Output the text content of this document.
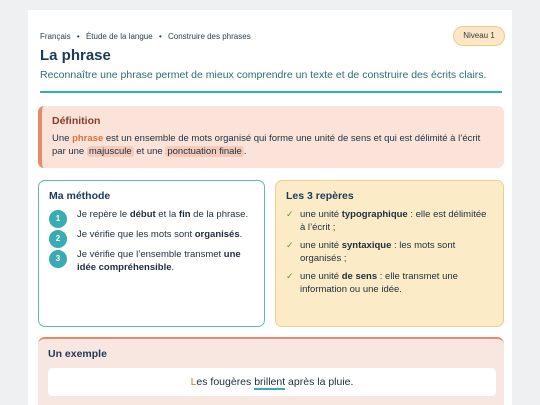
Français • Étude de la langue • Construire des phrases	Niveau 1
La phrase

Reconnaître une phrase permet de mieux comprendre un texte et de construire des écrits clairs.

Définition
Une phrase est un ensemble de mots organisé qui forme une unité de sens et qui est délimité à l’écrit par une majuscule et une ponctuation finale .
Ma méthode
1	Je repère le début et la fin de la phrase.
2	Je vérifie que les mots sont organisés.
3	Je vérifie que l’ensemble transmet une idée compréhensible.
Les 3 repères
✓ une unité typographique : elle est délimitée à l’écrit ;
✓ une unité syntaxique : les mots sont organisés ;
✓ une unité de sens : elle transmet une information ou une idée.
Un exemple
Les fougères brillent après la pluie.
